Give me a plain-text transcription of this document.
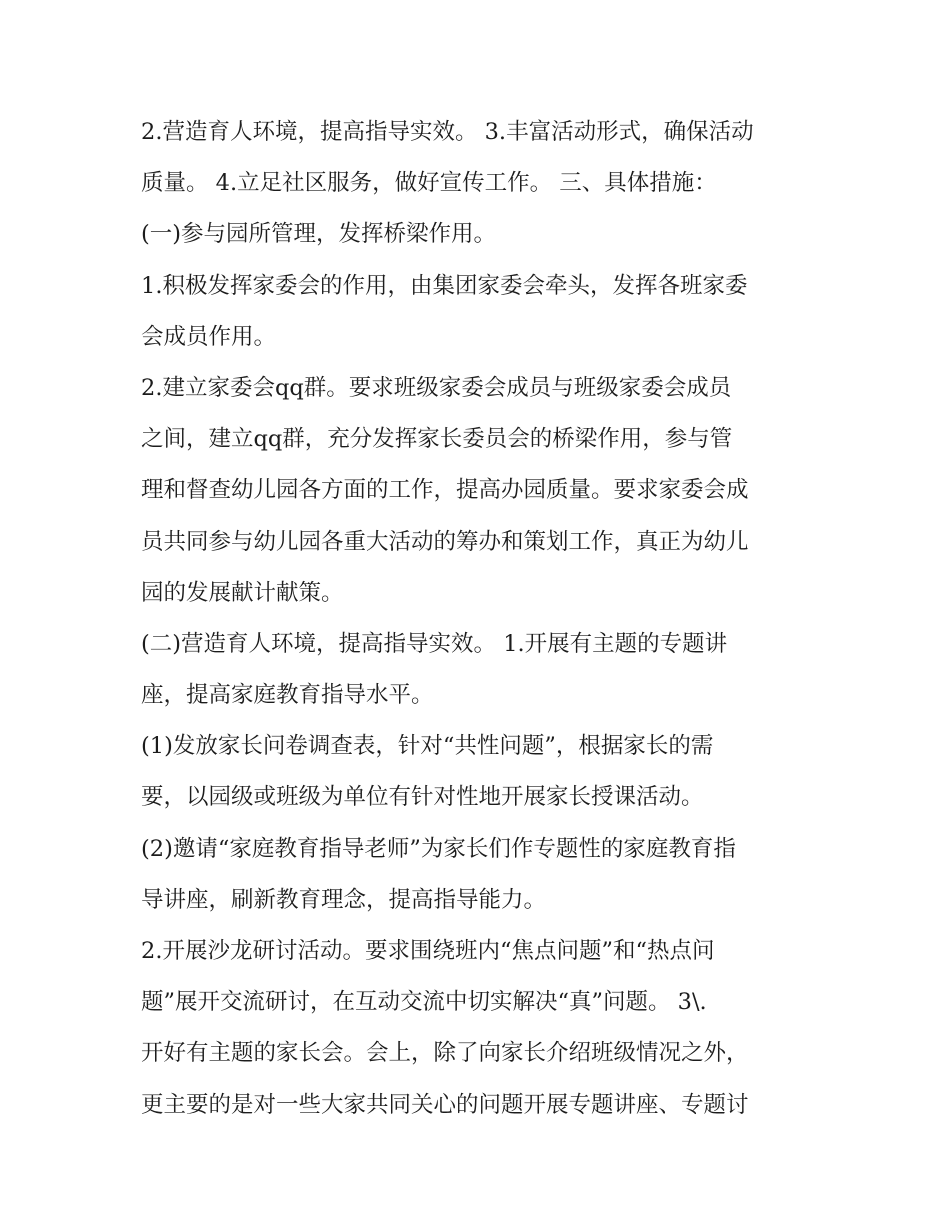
2.营造育人环境，提高指导实效。 3.丰富活动形式，确保活动

质量。 4.立足社区服务，做好宣传工作。 三、具体措施：

(一)参与园所管理，发挥桥梁作用。

1.积极发挥家委会的作用，由集团家委会牵头，发挥各班家委

会成员作用。

2.建立家委会qq群。要求班级家委会成员与班级家委会成员

之间，建立qq群，充分发挥家长委员会的桥梁作用，参与管

理和督查幼儿园各方面的工作，提高办园质量。要求家委会成

员共同参与幼儿园各重大活动的筹办和策划工作，真正为幼儿

园的发展献计献策。

(二)营造育人环境，提高指导实效。 1.开展有主题的专题讲

座，提高家庭教育指导水平。

(1)发放家长问卷调查表，针对“共性问题”，根据家长的需

要，以园级或班级为单位有针对性地开展家长授课活动。

(2)邀请“家庭教育指导老师”为家长们作专题性的家庭教育指

导讲座，刷新教育理念，提高指导能力。

2.开展沙龙研讨活动。要求围绕班内“焦点问题”和“热点问

题”展开交流研讨，在互动交流中切实解决“真”问题。 3\.

开好有主题的家长会。会上，除了向家长介绍班级情况之外，

更主要的是对一些大家共同关心的问题开展专题讲座、专题讨
